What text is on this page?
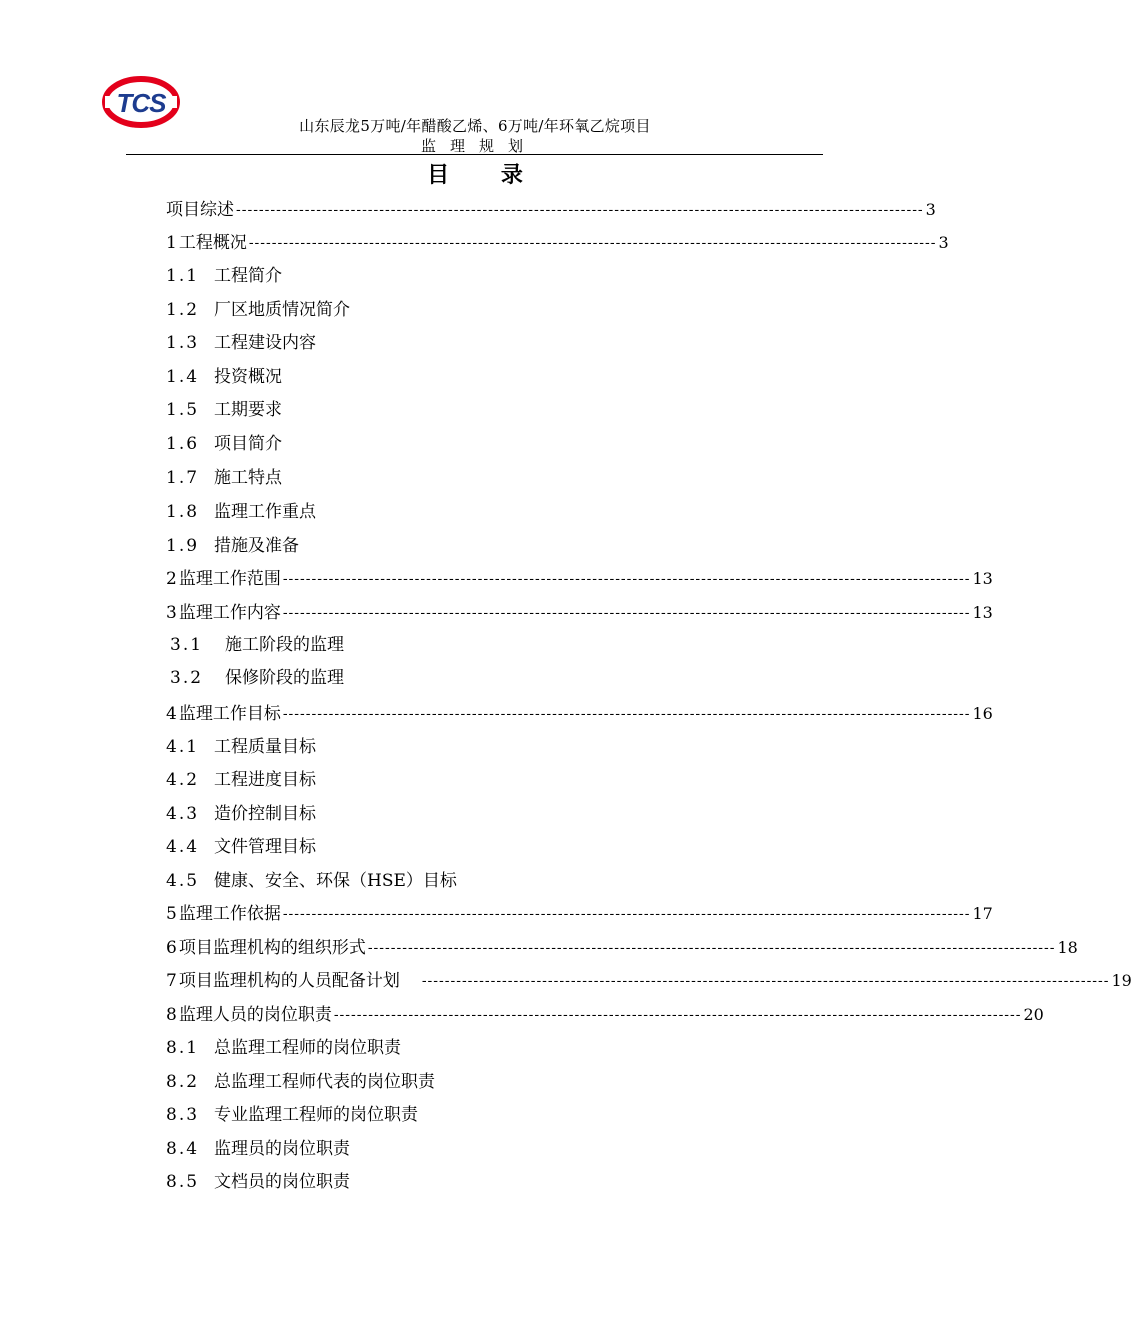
TCS
山东辰龙5万吨/年醋酸乙烯、6万吨/年环氧乙烷项目
监理规划
目 录
项目综述 ------------------------------------------------------------------------------------------------------------------------ 3
1 工程概况 ------------------------------------------------------------------------------------------------------------------------ 3
1.1 工程简介
1.2 厂区地质情况简介
1.3 工程建设内容
1.4 投资概况
1.5 工期要求
1.6 项目简介
1.7 施工特点
1.8 监理工作重点
1.9 措施及准备
2 监理工作范围 ------------------------------------------------------------------------------------------------------------------------ 13
3 监理工作内容 ------------------------------------------------------------------------------------------------------------------------ 13
3.1	施工阶段的监理
3.2	保修阶段的监理
4 监理工作目标 ------------------------------------------------------------------------------------------------------------------------ 16
4.1 工程质量目标
4.2 工程进度目标
4.3 造价控制目标
4.4 文件管理目标
4.5 健康、安全、环保（HSE）目标
5 监理工作依据 ------------------------------------------------------------------------------------------------------------------------ 17
6 项目监理机构的组织形式 ------------------------------------------------------------------------------------------------------------------------ 18
7 项目监理机构的人员配备计划 ------------------------------------------------------------------------------------------------------------------------ 19
8 监理人员的岗位职责 ------------------------------------------------------------------------------------------------------------------------ 20
8.1 总监理工程师的岗位职责
8.2 总监理工程师代表的岗位职责
8.3 专业监理工程师的岗位职责
8.4 监理员的岗位职责
8.5 文档员的岗位职责
